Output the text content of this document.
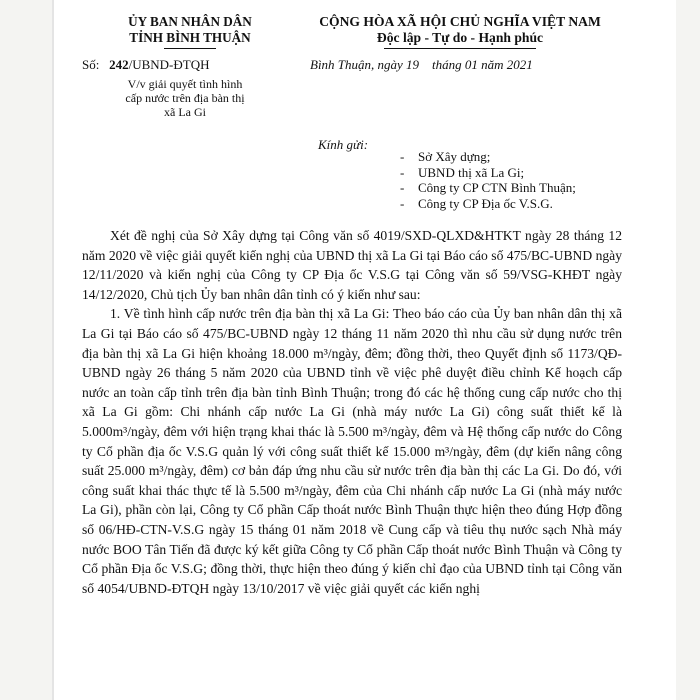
ỦY BAN NHÂN DÂN
TỈNH BÌNH THUẬN
CỘNG HÒA XÃ HỘI CHỦ NGHĨA VIỆT NAM
Độc lập - Tự do - Hạnh phúc
Số: 242/UBND-ĐTQH	Bình Thuận, ngày 19    tháng 01 năm 2021
V/v giải quyết tình hình
cấp nước trên địa bàn thị
xã La Gi
Kính gửi:
- Sở Xây dựng;
- UBND thị xã La Gi;
- Công ty CP CTN Bình Thuận;
- Công ty CP Địa ốc V.S.G.

Xét đề nghị của Sở Xây dựng tại Công văn số 4019/SXD-QLXD&HTKT ngày 28 tháng 12 năm 2020 về việc giải quyết kiến nghị của UBND thị xã La Gi tại Báo cáo số 475/BC-UBND ngày 12/11/2020 và kiến nghị của Công ty CP Địa ốc V.S.G tại Công văn số 59/VSG-KHĐT ngày 14/12/2020, Chủ tịch Ủy ban nhân dân tỉnh có ý kiến như sau:

1. Về tình hình cấp nước trên địa bàn thị xã La Gi: Theo báo cáo của Ủy ban nhân dân thị xã La Gi tại Báo cáo số 475/BC-UBND ngày 12 tháng 11 năm 2020 thì nhu cầu sử dụng nước trên địa bàn thị xã La Gi hiện khoảng 18.000 m³/ngày, đêm; đồng thời, theo Quyết định số 1173/QĐ-UBND ngày 26 tháng 5 năm 2020 của UBND tỉnh về việc phê duyệt điều chỉnh Kế hoạch cấp nước an toàn cấp tỉnh trên địa bàn tỉnh Bình Thuận; trong đó các hệ thống cung cấp nước cho thị xã La Gi gồm: Chi nhánh cấp nước La Gi (nhà máy nước La Gi) công suất thiết kế là 5.000m³/ngày, đêm với hiện trạng khai thác là 5.500 m³/ngày, đêm và Hệ thống cấp nước do Công ty Cổ phần địa ốc V.S.G quản lý với công suất thiết kế 15.000 m³/ngày, đêm (dự kiến nâng công suất 25.000 m³/ngày, đêm) cơ bản đáp ứng nhu cầu sử nước trên địa bàn thị các La Gi. Do đó, với công suất khai thác thực tế là 5.500 m³/ngày, đêm của Chi nhánh cấp nước La Gi (nhà máy nước La Gi), phần còn lại, Công ty Cổ phần Cấp thoát nước Bình Thuận thực hiện theo đúng Hợp đồng số 06/HĐ-CTN-V.S.G ngày 15 tháng 01 năm 2018 về Cung cấp và tiêu thụ nước sạch Nhà máy nước BOO Tân Tiến đã được ký kết giữa Công ty Cổ phần Cấp thoát nước Bình Thuận và Công ty Cổ phần Địa ốc V.S.G; đồng thời, thực hiện theo đúng ý kiến chỉ đạo của UBND tỉnh tại Công văn số 4054/UBND-ĐTQH ngày 13/10/2017 về việc giải quyết các kiến nghị
